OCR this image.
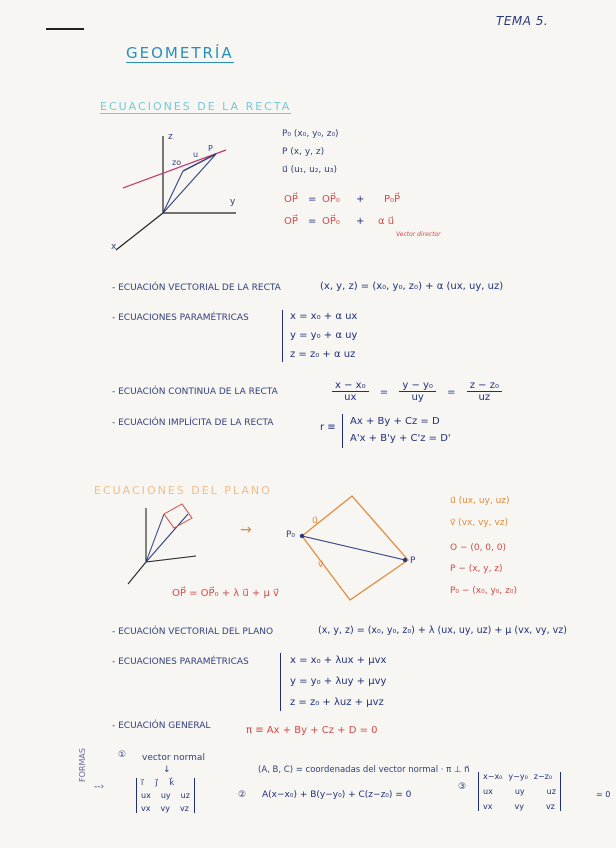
TEMA 5.
GEOMETRÍA
ECUACIONES DE LA RECTA
z
y
x
zo
u
P
P₀ (x₀, y₀, z₀)
P (x, y, z)
u⃗ (u₁, u₂, u₃)
OP⃗ = OP⃗₀ + P₀P⃗
OP⃗ = OP⃗₀ + α u⃗
Vector director
- ECUACIÓN VECTORIAL DE LA RECTA	(x, y, z) = (x₀, y₀, z₀) + α (ux, uy, uz)
- ECUACIONES PARAMÉTRICAS	x = x₀ + α ux
y = y₀ + α uy
z = z₀ + α uz
- ECUACIÓN CONTINUA DE LA RECTA	$\frac{\text{x − x₀}}{ux} = \frac{\text{y − y₀}}{uy} = \frac{\text{z − z₀}}{uz}$
- ECUACIÓN IMPLÍCITA DE LA RECTA	r ≡
Ax + By + Cz = D
A'x + B'y + C'z = D'
ECUACIONES DEL PLANO
→	P₀
P
u⃗
v⃗
u⃗ (ux, uy, uz)
v⃗ (vx, vy, vz)
O − (0, 0, 0)
P − (x, y, z)
P₀ − (x₀, y₀, z₀)
OP⃗ = OP⃗₀ + λ u⃗ + μ v⃗
- ECUACIÓN VECTORIAL DEL PLANO	(x, y, z) = (x₀, y₀, z₀) + λ (ux, uy, uz) + μ (vx, vy, vz)
- ECUACIONES PARAMÉTRICAS	x = x₀ + λux + μvx
y = y₀ + λuy + μvy
z = z₀ + λuz + μvz
- ECUACIÓN GENERAL	π ≡ Ax + By + Cz + D = 0
FORMAS
--›
① vector normal
↓
i⃗ j⃗ k⃗
ux uy uz
vx vy vz
(A, B, C) = coordenadas del vector normal · π ⊥ n⃗
② A(x−x₀) + B(y−y₀) + C(z−z₀) = 0
③
x−x₀ y−y₀ z−z₀
ux	uy	uz
vx	vy	vz
= 0
